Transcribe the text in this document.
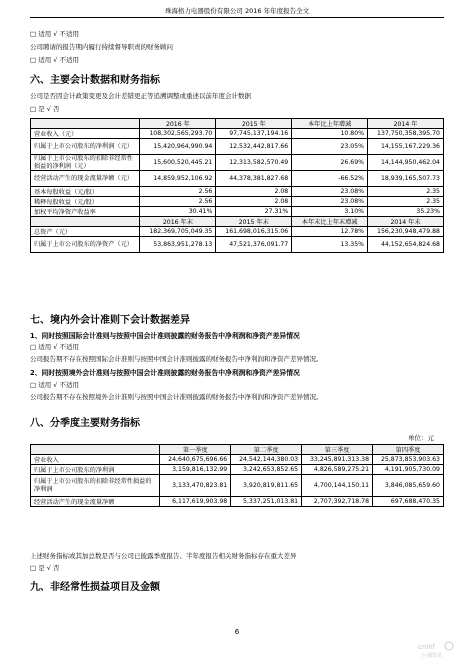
珠海格力电器股份有限公司 2016 年年度报告全文
□ 适用 √ 不适用
公司聘请的报告期内履行持续督导职责的财务顾问
□ 适用 √ 不适用
六、主要会计数据和财务指标
公司是否因会计政策变更及会计差错更正等追溯调整或重述以前年度会计数据
□ 是 √ 否
	2016 年	2015 年	本年比上年增减	2014 年
营业收入（元）	108,302,565,293.70	97,745,137,194.16	10.80%	137,750,358,395.70
归属于上市公司股东的净利润（元）	15,420,964,990.94	12,532,442,817.66	23.05%	14,155,167,229.36
归属于上市公司股东的扣除非经常性损益的净利润（元）	15,600,520,445.21	12,313,582,570.49	26.69%	14,144,950,462.04
经营活动产生的现金流量净额（元）	14,859,952,106.92	44,378,381,827.68	-66.52%	18,939,165,507.73
基本每股收益（元/股）	2.56	2.08	23.08%	2.35
稀释每股收益（元/股）	2.56	2.08	23.08%	2.35
加权平均净资产收益率	30.41%	27.31%	3.10%	35.23%
	2016 年末	2015 年末	本年末比上年末增减	2014 年末
总资产（元）	182,369,705,049.35	161,698,016,315.06	12.78%	156,230,948,479.88
归属于上市公司股东的净资产（元）	53,863,951,278.13	47,521,376,091.77	13.35%	44,152,654,824.68
七、境内外会计准则下会计数据差异
1、同时按照国际会计准则与按照中国会计准则披露的财务报告中净利润和净资产差异情况
□ 适用 √ 不适用
公司报告期不存在按照国际会计准则与按照中国会计准则披露的财务报告中净利润和净资产差异情况。
2、同时按照境外会计准则与按照中国会计准则披露的财务报告中净利润和净资产差异情况
□ 适用 √ 不适用
公司报告期不存在按照境外会计准则与按照中国会计准则披露的财务报告中净利润和净资产差异情况。
八、分季度主要财务指标
单位：元
	第一季度	第二季度	第三季度	第四季度
营业收入	24,640,675,696.66	24,542,144,380.03	33,245,891,313.38	25,873,853,903.63
归属于上市公司股东的净利润	3,159,816,132.99	3,242,653,852.65	4,826,589,275.21	4,191,905,730.09
归属于上市公司股东的扣除非经常性损益的净利润	3,133,470,823.81	3,920,819,811.65	4,700,144,150.11	3,846,085,659.60
经营活动产生的现金流量净额	6,117,619,903.98	5,337,251,013.81	2,707,392,718.78	697,688,470.35
上述财务指标或其加总数是否与公司已披露季度报告、半年度报告相关财务指标存在重大差异
□ 是 √ 否
九、非经常性损益项目及金额
6
cninf
巨潮资讯
